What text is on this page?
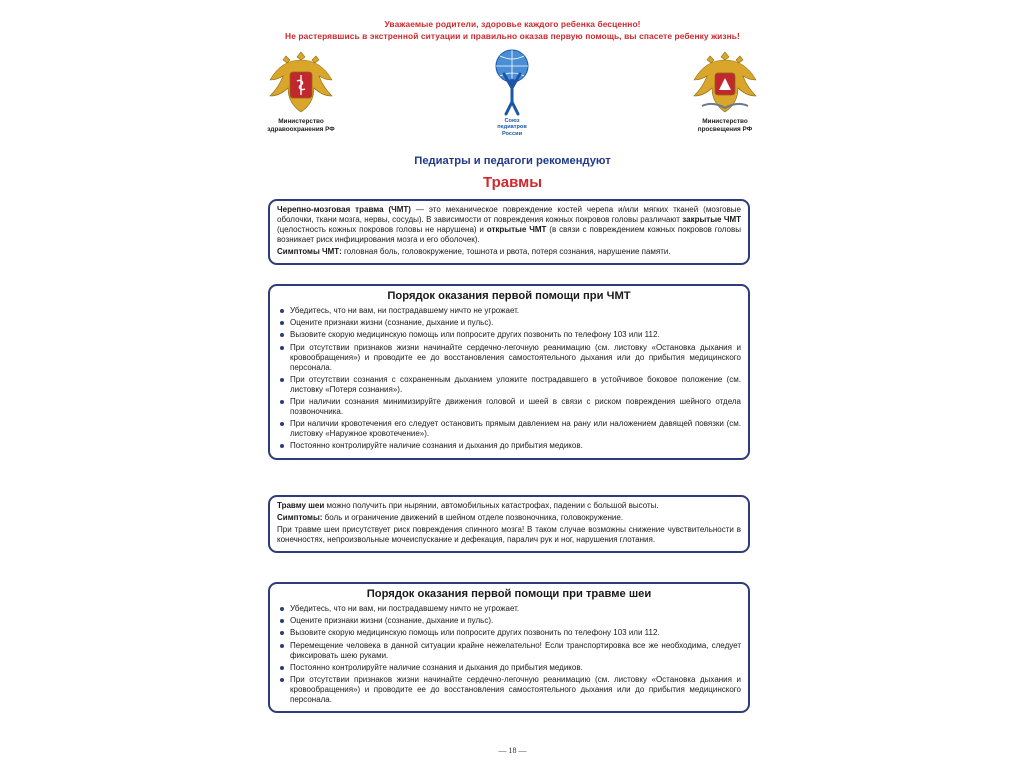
Уважаемые родители, здоровье каждого ребенка бесценно!
Не растерявшись в экстренной ситуации и правильно оказав первую помощь, вы спасете ребенку жизнь!
Министерство
здравоохранения РФ
Союз
педиатров
России
Министерство
просвещения РФ
Педиатры и педагоги рекомендуют
Травмы

Черепно-мозговая травма (ЧМТ) — это механическое повреждение костей черепа и/или мягких тканей (мозговые оболочки, ткани мозга, нервы, сосуды). В зависимости от повреждения кожных покровов головы различают закрытые ЧМТ (целостность кожных покровов головы не нарушена) и открытые ЧМТ (в связи с повреждением кожных покровов головы возникает риск инфицирования мозга и его оболочек).

Симптомы ЧМТ: головная боль, головокружение, тошнота и рвота, потеря сознания, нарушение памяти.

Порядок оказания первой помощи при ЧМТ
Убедитесь, что ни вам, ни пострадавшему ничто не угрожает.
Оцените признаки жизни (сознание, дыхание и пульс).
Вызовите скорую медицинскую помощь или попросите других позвонить по телефону 103 или 112.
При отсутствии признаков жизни начинайте сердечно-легочную реанимацию (см. листовку «Остановка дыхания и кровообращения») и проводите ее до восстановления самостоятельного дыхания или до прибытия медицинского персонала.
При отсутствии сознания с сохраненным дыханием уложите пострадавшего в устойчивое боковое положение (см. листовку «Потеря сознания»).
При наличии сознания минимизируйте движения головой и шеей в связи с риском повреждения шейного отдела позвоночника.
При наличии кровотечения его следует остановить прямым давлением на рану или наложением давящей повязки (см. листовку «Наружное кровотечение»).
Постоянно контролируйте наличие сознания и дыхания до прибытия медиков.

Травму шеи можно получить при нырянии, автомобильных катастрофах, падении с большой высоты.

Симптомы: боль и ограничение движений в шейном отделе позвоночника, головокружение.

При травме шеи присутствует риск повреждения спинного мозга! В таком случае возможны снижение чувствительности в конечностях, непроизвольные мочеиспускание и дефекация, паралич рук и ног, нарушения глотания.

Порядок оказания первой помощи при травме шеи
Убедитесь, что ни вам, ни пострадавшему ничто не угрожает.
Оцените признаки жизни (сознание, дыхание и пульс).
Вызовите скорую медицинскую помощь или попросите других позвонить по телефону 103 или 112.
Перемещение человека в данной ситуации крайне нежелательно! Если транспортировка все же необходима, следует фиксировать шею руками.
Постоянно контролируйте наличие сознания и дыхания до прибытия медиков.
При отсутствии признаков жизни начинайте сердечно-легочную реанимацию (см. листовку «Остановка дыхания и кровообращения») и проводите ее до восстановления самостоятельного дыхания или до прибытия медицинского персонала.
— 18 —
